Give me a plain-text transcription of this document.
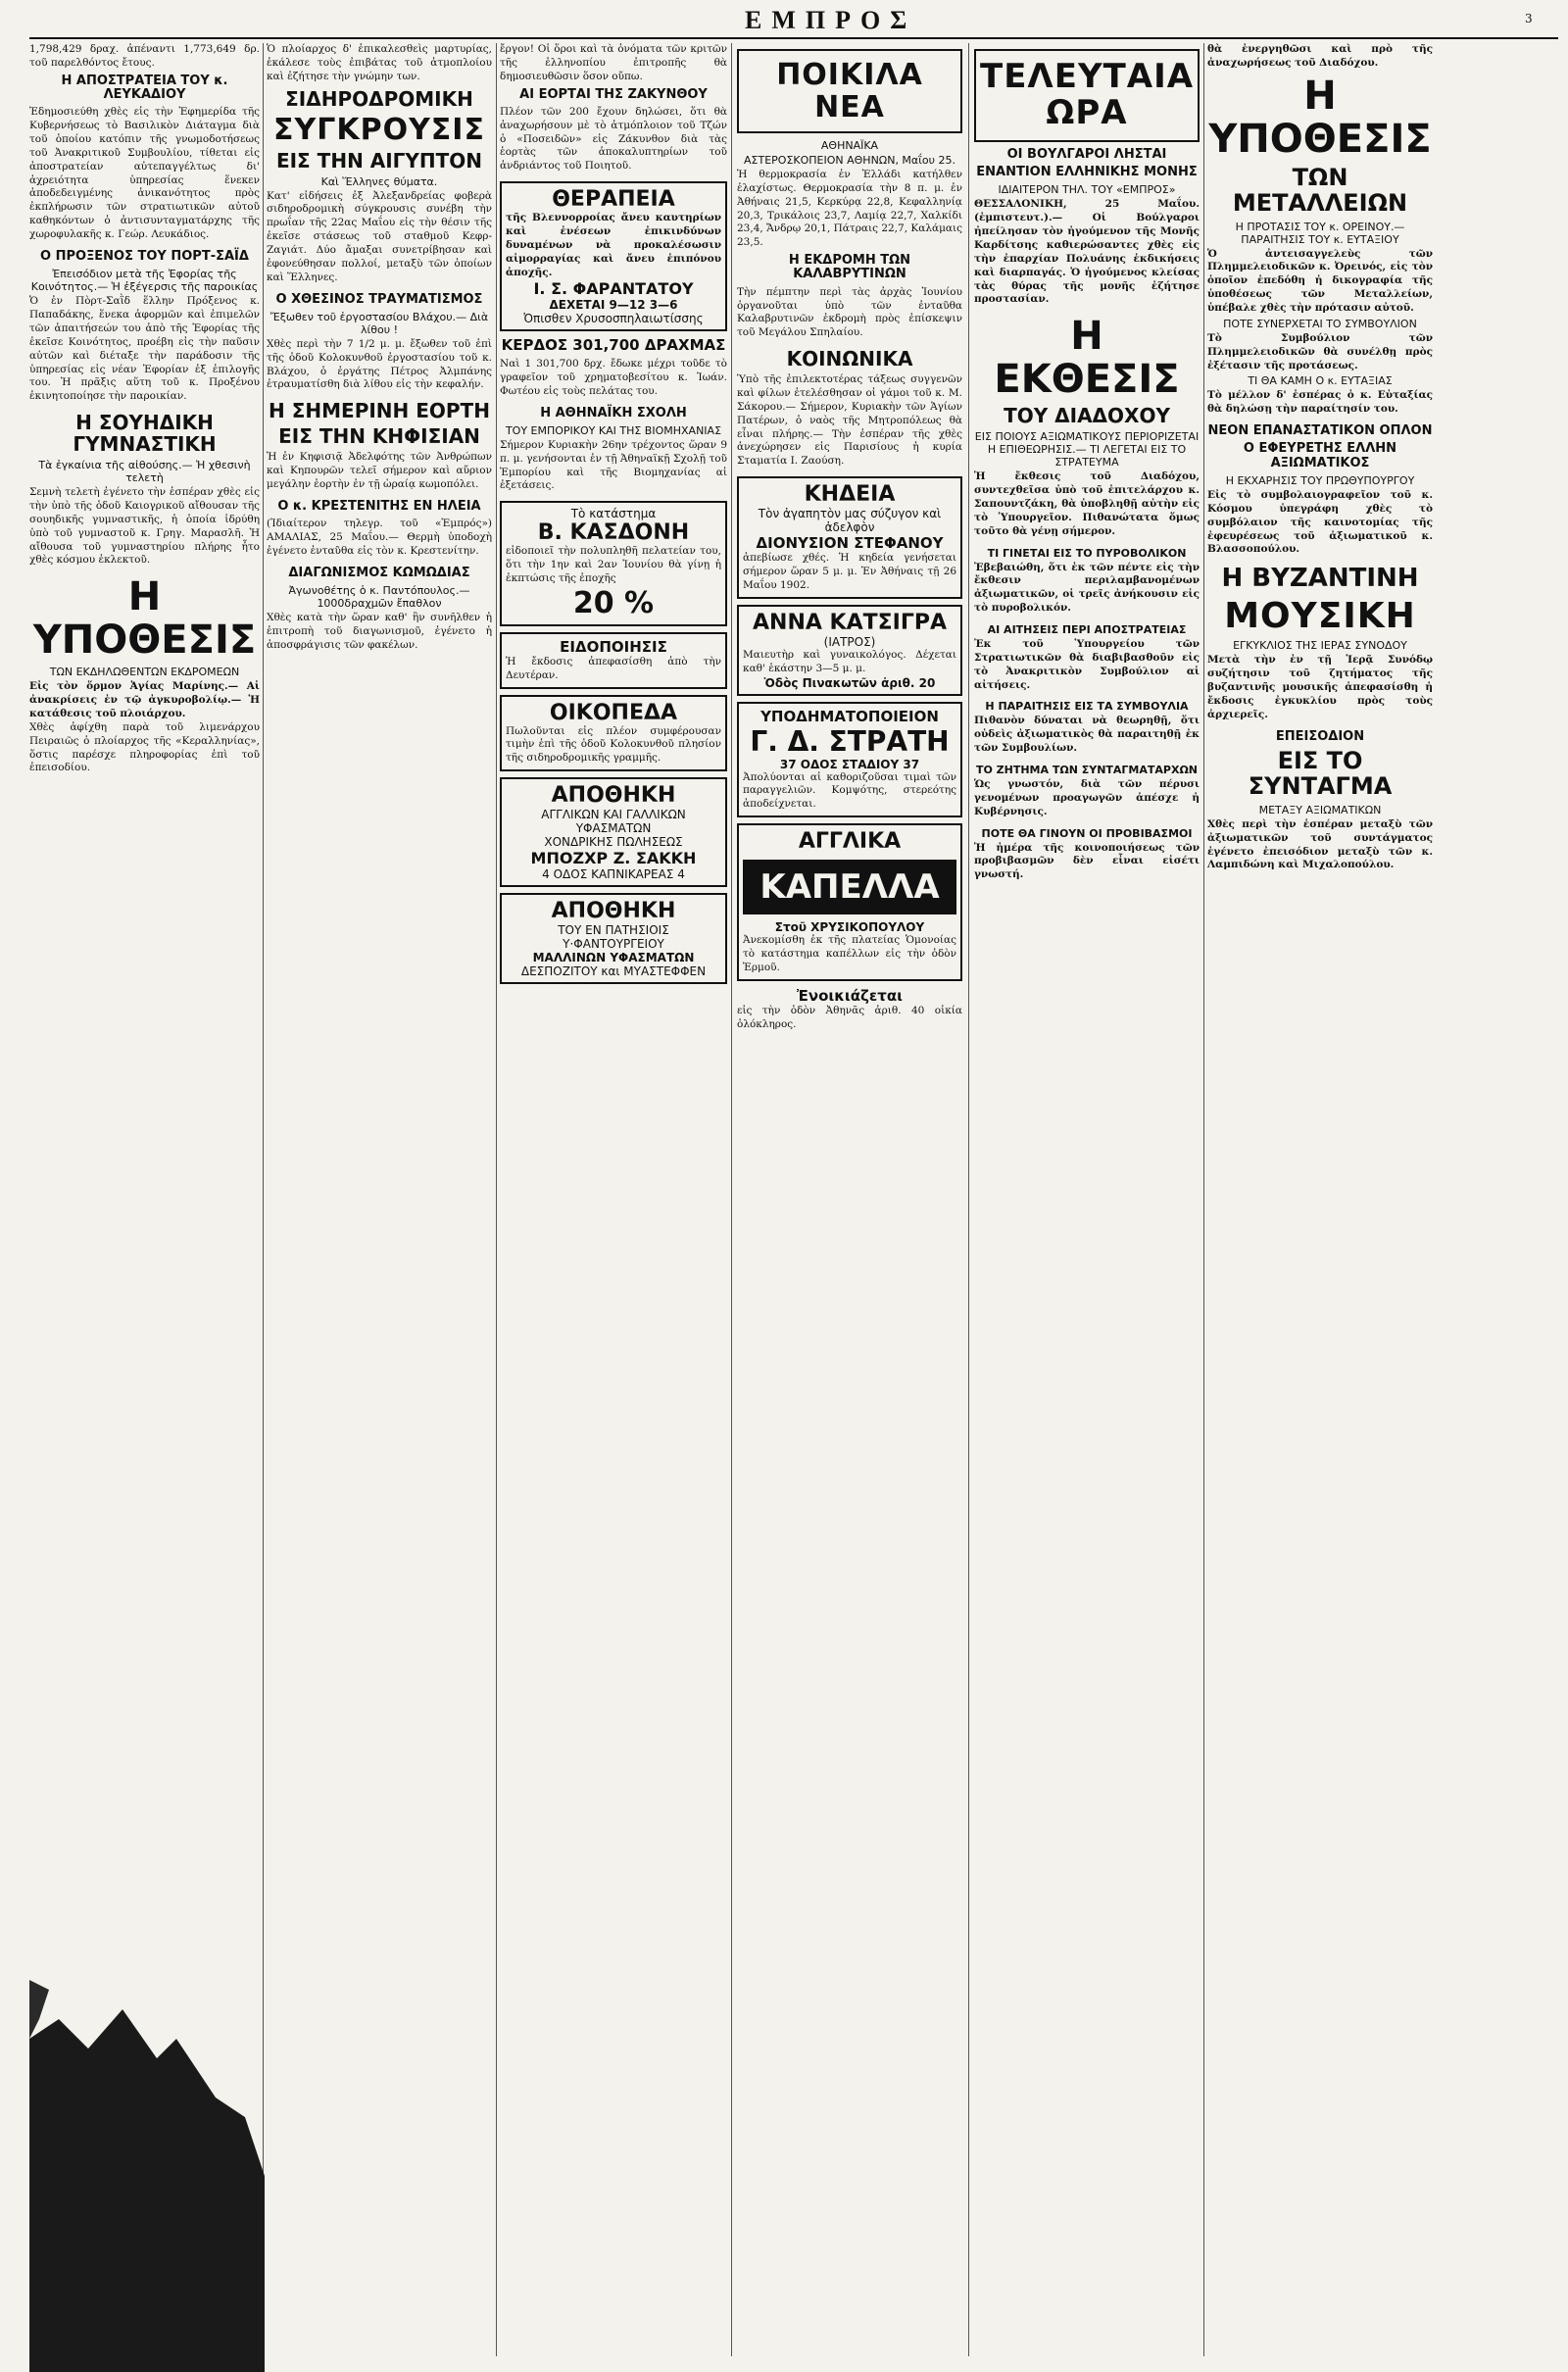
ΕΜΠΡΟΣ	3

1,798,429 δραχ. ἀπέναντι 1,773,649 δρ. τοῦ παρελθόντος ἔτους.

Η ΑΠΟΣΤΡΑΤΕΙΑ ΤΟΥ κ. ΛΕΥΚΑΔΙΟΥ

Ἐδημοσιεύθη χθὲς εἰς τὴν Ἐφημερίδα τῆς Κυβερνήσεως τὸ Βασιλικὸν Διάταγμα διὰ τοῦ ὁποίου κατόπιν τῆς γνωμοδοτήσεως τοῦ Ἀνακριτικοῦ Συμβουλίου, τίθεται εἰς ἀποστρατείαν αὐτεπαγγέλτως δι' ἀχρειότητα ὑπηρεσίας ἕνεκεν ἀποδεδειγμένης ἀνικανότητος πρὸς ἐκπλήρωσιν τῶν στρατιωτικῶν αὐτοῦ καθηκόντων ὁ ἀντισυνταγματάρχης τῆς χωροφυλακῆς κ. Γεώρ. Λευκάδιος.

Ο ΠΡΟΞΕΝΟΣ ΤΟΥ ΠΟΡΤ-ΣΑΪΔ
Ἐπεισόδιον μετὰ τῆς Ἐφορίας τῆς Κοινότητος.— Ἡ ἐξέγερσις τῆς παροικίας

Ὁ ἐν Πὸρτ-Σαῒδ ἕλλην Πρόξενος κ. Παπαδάκης, ἕνεκα ἀφορμῶν καὶ ἐπιμελῶν τῶν ἀπαιτήσεών του ἀπὸ τῆς Ἐφορίας τῆς ἐκεῖσε Κοινότητος, προέβη εἰς τὴν παῦσιν αὐτῶν καὶ διέταξε τὴν παράδοσιν τῆς ὑπηρεσίας εἰς νέαν Ἐφορίαν ἐξ ἐπιλογῆς του. Ἡ πρᾶξις αὕτη τοῦ κ. Προξένου ἐκινητοποίησε τὴν παροικίαν.

Η ΣΟΥΗΔΙΚΗ ΓΥΜΝΑΣΤΙΚΗ
Τὰ ἐγκαίνια τῆς αἰθούσης.— Ἡ χθεσινὴ τελετὴ

Σεμνὴ τελετὴ ἐγένετο τὴν ἑσπέραν χθὲς εἰς τὴν ὑπὸ τῆς ὁδοῦ Καιογρικοῦ αἴθουσαν τῆς σουηδικῆς γυμναστικῆς, ἡ ὁποία ἱδρύθη ὑπὸ τοῦ γυμναστοῦ κ. Γρηγ. Μαρασλῆ. Ἡ αἴθουσα τοῦ γυμναστηρίου πλήρης ἦτο χθὲς κόσμου ἐκλεκτοῦ.

Η ΥΠΟΘΕΣΙΣ
ΤΩΝ ΕΚΔΗΛΩΘΕΝΤΩΝ ΕΚΔΡΟΜΕΩΝ

Εἰς τὸν ὅρμον Ἁγίας Μαρίνης.— Αἱ ἀνακρίσεις ἐν τῷ ἀγκυροβολίῳ.— Ἡ κατάθεσις τοῦ πλοιάρχου.

Χθὲς ἀφίχθη παρὰ τοῦ λιμενάρχου Πειραιῶς ὁ πλοίαρχος τῆς «Κεραλληνίας», ὅστις παρέσχε πληροφορίας ἐπὶ τοῦ ἐπεισοδίου.

Ὁ πλοίαρχος δ' ἐπικαλεσθεὶς μαρτυρίας, ἐκάλεσε τοὺς ἐπιβάτας τοῦ ἀτμοπλοίου καὶ ἐζήτησε τὴν γνώμην των.

ΣΙΔΗΡΟΔΡΟΜΙΚΗ
ΣΥΓΚΡΟΥΣΙΣ
ΕΙΣ ΤΗΝ ΑΙΓΥΠΤΟΝ
Καὶ Ἕλληνες θύματα.

Κατ' εἰδήσεις ἐξ Ἀλεξανδρείας φοβερὰ σιδηροδρομικὴ σύγκρουσις συνέβη τὴν πρωΐαν τῆς 22ας Μαΐου εἰς τὴν θέσιν τῆς ἐκεῖσε στάσεως τοῦ σταθμοῦ Κεφρ-Ζαγιάτ. Δύο ἄμαξαι συνετρίβησαν καὶ ἐφονεύθησαν πολλοί, μεταξὺ τῶν ὁποίων καὶ Ἕλληνες.

Ο ΧΘΕΣΙΝΟΣ ΤΡΑΥΜΑΤΙΣΜΟΣ
Ἔξωθεν τοῦ ἐργοστασίου Βλάχου.— Διὰ λίθου !

Χθὲς περὶ τὴν 7 1/2 μ. μ. ἔξωθεν τοῦ ἐπὶ τῆς ὁδοῦ Κολοκυνθοῦ ἐργοστασίου τοῦ κ. Βλάχου, ὁ ἐργάτης Πέτρος Ἀλμπάνης ἐτραυματίσθη διὰ λίθου εἰς τὴν κεφαλήν.

Η ΣΗΜΕΡΙΝΗ ΕΟΡΤΗ
ΕΙΣ ΤΗΝ ΚΗΦΙΣΙΑΝ

Ἡ ἐν Κηφισιᾷ Ἀδελφότης τῶν Ἀνθρώπων καὶ Κηπουρῶν τελεῖ σήμερον καὶ αὔριον μεγάλην ἑορτὴν ἐν τῇ ὡραίᾳ κωμοπόλει.

Ο κ. ΚΡΕΣΤΕΝΙΤΗΣ ΕΝ ΗΛΕΙΑ

(Ἰδιαίτερον τηλεγρ. τοῦ «Ἐμπρός») ΑΜΑΛΙΑΣ, 25 Μαΐου.— Θερμὴ ὑποδοχὴ ἐγένετο ἐνταῦθα εἰς τὸν κ. Κρεστενίτην.

ΔΙΑΓΩΝΙΣΜΟΣ ΚΩΜΩΔΙΑΣ
Ἀγωνοθέτης ὁ κ. Παντόπουλος.— 1000δραχμῶν ἔπαθλον

Χθὲς κατὰ τὴν ὥραν καθ' ἣν συνῆλθεν ἡ ἐπιτροπὴ τοῦ διαγωνισμοῦ, ἐγένετο ἡ ἀποσφράγισις τῶν φακέλων.

ἔργον! Οἱ ὅροι καὶ τὰ ὀνόματα τῶν κριτῶν τῆς ἑλληνοπίου ἐπιτροπῆς θὰ δημοσιευθῶσιν ὅσον οὔπω.

ΑΙ ΕΟΡΤΑΙ ΤΗΣ ΖΑΚΥΝΘΟΥ

Πλέον τῶν 200 ἔχουν δηλώσει, ὅτι θὰ ἀναχωρήσουν μὲ τὸ ἀτμόπλοιον τοῦ Τζών ὁ «Ποσειδῶν» εἰς Ζάκυνθον διὰ τὰς ἑορτὰς τῶν ἀποκαλυπτηρίων τοῦ ἀνδριάντος τοῦ Ποιητοῦ.

ΘΕΡΑΠΕΙΑ

τῆς Βλεννορροίας ἄνευ καυτηρίων καὶ ἐνέσεων ἐπικινδύνων δυναμένων νὰ προκαλέσωσιν αἱμορραγίας καὶ ἄνευ ἐπιπόνου ἀποχῆς.

Ι. Σ. ΦΑΡΑΝΤΑΤΟΥ
ΔΕΧΕΤΑΙ 9—12 3—6
Ὀπισθεν Χρυσοσπηλαιωτίσσης
ΚΕΡΔΟΣ 301,700 ΔΡΑΧΜΑΣ

Ναὶ 1 301,700 δρχ. ἔδωκε μέχρι τοῦδε τὸ γραφεῖον τοῦ χρηματοβεσίτου κ. Ἰωάν. Φωτέου εἰς τοὺς πελάτας του.

Η ΑΘΗΝΑΪΚΗ ΣΧΟΛΗ
ΤΟΥ ΕΜΠΟΡΙΚΟΥ ΚΑΙ ΤΗΣ ΒΙΟΜΗΧΑΝΙΑΣ

Σήμερον Κυριακὴν 26ην τρέχοντος ὥραν 9 π. μ. γενήσονται ἐν τῇ Ἀθηναϊκῇ Σχολῇ τοῦ Ἐμπορίου καὶ τῆς Βιομηχανίας αἱ ἐξετάσεις.

Τὸ κατάστημα
Β. ΚΑΣΔΟΝΗ

εἰδοποιεῖ τὴν πολυπληθῆ πελατείαν του, ὅτι τὴν 1ην καὶ 2αν Ἰουνίου θὰ γίνῃ ἡ ἐκπτώσις τῆς ἐποχῆς

20 %
ΕΙΔΟΠΟΙΗΣΙΣ

Ἡ ἔκδοσις ἀπεφασίσθη ἀπὸ τὴν Δευτέραν.

ΟΙΚΟΠΕΔΑ

Πωλοῦνται εἰς πλέον συμφέρουσαν τιμὴν ἐπὶ τῆς ὁδοῦ Κολοκυνθοῦ πλησίον τῆς σιδηροδρομικῆς γραμμῆς.

ΑΠΟΘΗΚΗ
ΑΓΓΛΙΚΩΝ ΚΑΙ ΓΑΛΛΙΚΩΝ ΥΦΑΣΜΑΤΩΝ
ΧΟΝΔΡΙΚΗΣ ΠΩΛΗΣΕΩΣ
ΜΠΟΖΧΡ Ζ. ΣΑΚΚΗ
4 ΟΔΟΣ ΚΑΠΝΙΚΑΡΕΑΣ 4
ΑΠΟΘΗΚΗ
ΤΟΥ ΕΝ ΠΑΤΗΣΙΟΙΣ Υ·ΦΑΝΤΟΥΡΓΕΙΟΥ
ΜΑΛΛΙΝΩΝ ΥΦΑΣΜΑΤΩΝ
ΔΕΣΠΟΖΙΤΟΥ και ΜΥΑΣΤΕΦΦΕΝ
ΠΟΙΚΙΛΑ ΝΕΑ
ΑΘΗΝΑΪΚΑ
ΑΣΤΕΡΟΣΚΟΠΕΙΟΝ ΑΘΗΝΩΝ, Μαΐου 25.

Ἡ θερμοκρασία ἐν Ἑλλάδι κατήλθεν ἐλαχίστως. Θερμοκρασία τὴν 8 π. μ. ἐν Ἀθήναις 21,5, Κερκύρᾳ 22,8, Κεφαλληνίᾳ 20,3, Τρικάλοις 23,7, Λαμίᾳ 22,7, Χαλκίδι 23,4, Ἄνδρῳ 20,1, Πάτραις 22,7, Καλάμαις 23,5.

Η ΕΚΔΡΟΜΗ ΤΩΝ ΚΑΛΑΒΡΥΤΙΝΩΝ

Τὴν πέμπτην περὶ τὰς ἀρχὰς Ἰουνίου ὀργανοῦται ὑπὸ τῶν ἐνταῦθα Καλαβρυτινῶν ἐκδρομὴ πρὸς ἐπίσκεψιν τοῦ Μεγάλου Σπηλαίου.

ΚΟΙΝΩΝΙΚΑ

Ὑπὸ τῆς ἐπιλεκτοτέρας τάξεως συγγενῶν καὶ φίλων ἐτελέσθησαν οἱ γάμοι τοῦ κ. Μ. Σάκορου.— Σήμερον, Κυριακὴν τῶν Ἁγίων Πατέρων, ὁ ναὸς τῆς Μητροπόλεως θὰ εἶναι πλήρης.— Τὴν ἐσπέραν τῆς χθὲς ἀνεχώρησεν εἰς Παρισίους ἡ κυρία Σταματία Ι. Ζαούση.

ΚΗΔΕΙΑ
Τὸν ἀγαπητὸν μας σύζυγον καὶ ἀδελφὸν
ΔΙΟΝΥΣΙΟΝ ΣΤΕΦΑΝΟΥ

ἀπεβίωσε χθές. Ἡ κηδεία γενήσεται σήμερον ὥραν 5 μ. μ. Ἐν Ἀθήναις τῇ 26 Μαΐου 1902.

ΑΝΝΑ ΚΑΤΣΙΓΡΑ
(ΙΑΤΡΟΣ)

Μαιευτὴρ καὶ γυναικολόγος. Δέχεται καθ' ἑκάστην 3—5 μ. μ.

Ὁδὸς Πινακωτῶν ἀριθ. 20
ΥΠΟΔΗΜΑΤΟΠΟΙΕΙΟΝ
Γ. Δ. ΣΤΡΑΤΗ
37 ΟΔΟΣ ΣΤΑΔΙΟΥ 37

Ἀπολύονται αἱ καθοριζοῦσαι τιμαὶ τῶν παραγγελιῶν. Κομψότης, στερεότης ἀποδείχνεται.

ΑΓΓΛΙΚΑ
ΚΑΠΕΛΛΑ
Στοῦ ΧΡΥΣΙΚΟΠΟΥΛΟΥ

Ἀνεκομίσθη ἐκ τῆς πλατείας Ὁμονοίας τὸ κατάστημα καπέλλων εἰς τὴν ὁδὸν Ἑρμοῦ.

Ἐνοικιάζεται

εἰς τὴν ὁδὸν Ἀθηνᾶς ἀριθ. 40 οἰκία ὁλόκληρος.

ΤΕΛΕΥΤΑΙΑ ΩΡΑ
ΟΙ ΒΟΥΛΓΑΡΟΙ ΛΗΣΤΑΙ
ΕΝΑΝΤΙΟΝ ΕΛΛΗΝΙΚΗΣ ΜΟΝΗΣ
ΙΔΙΑΙΤΕΡΟΝ ΤΗΛ. ΤΟΥ «ΕΜΠΡΟΣ»

ΘΕΣΣΑΛΟΝΙΚΗ, 25 Μαΐου. (ἐμπιστευτ.).— Οἱ Βούλγαροι ἠπείλησαν τὸν ἡγούμενον τῆς Μονῆς Καρδίτσης καθιερώσαντες χθὲς εἰς τὴν ἐπαρχίαν Πολυάνης ἐκδικήσεις καὶ διαρπαγάς. Ὁ ἡγούμενος κλείσας τὰς θύρας τῆς μονῆς ἐζήτησε προστασίαν.

Η ΕΚΘΕΣΙΣ
ΤΟΥ ΔΙΑΔΟΧΟΥ
ΕΙΣ ΠΟΙΟΥΣ ΑΞΙΩΜΑΤΙΚΟΥΣ ΠΕΡΙΟΡΙΖΕΤΑΙ Η ΕΠΙΘΕΩΡΗΣΙΣ.— ΤΙ ΛΕΓΕΤΑΙ ΕΙΣ ΤΟ ΣΤΡΑΤΕΥΜΑ

Ἡ ἔκθεσις τοῦ Διαδόχου, συντεχθεῖσα ὑπὸ τοῦ ἐπιτελάρχου κ. Σαπουντζάκη, θὰ ὑποβληθῇ αὐτὴν εἰς τὸ Ὑπουργεῖον. Πιθανώτατα ὅμως τοῦτο θὰ γένῃ σήμερον.

ΤΙ ΓΙΝΕΤΑΙ ΕΙΣ ΤΟ ΠΥΡΟΒΟΛΙΚΟΝ

Ἐβεβαιώθη, ὅτι ἐκ τῶν πέντε εἰς τὴν ἔκθεσιν περιλαμβανομένων ἀξιωματικῶν, οἱ τρεῖς ἀνήκουσιν εἰς τὸ πυροβολικόν.

ΑΙ ΑΙΤΗΣΕΙΣ ΠΕΡΙ ΑΠΟΣΤΡΑΤΕΙΑΣ

Ἐκ τοῦ Ὑπουργείου τῶν Στρατιωτικῶν θὰ διαβιβασθοῦν εἰς τὸ Ἀνακριτικὸν Συμβούλιον αἱ αἰτήσεις.

Η ΠΑΡΑΙΤΗΣΙΣ ΕΙΣ ΤΑ ΣΥΜΒΟΥΛΙΑ

Πιθανὸν δύναται νὰ θεωρηθῇ, ὅτι οὐδεὶς ἀξιωματικὸς θὰ παραιτηθῇ ἐκ τῶν Συμβουλίων.

ΤΟ ΖΗΤΗΜΑ ΤΩΝ ΣΥΝΤΑΓΜΑΤΑΡΧΩΝ

Ὡς γνωστόν, διὰ τῶν πέρυσι γενομένων προαγωγῶν ἀπέσχε ἡ Κυβέρνησις.

ΠΟΤΕ ΘΑ ΓΙΝΟΥΝ ΟΙ ΠΡΟΒΙΒΑΣΜΟΙ

Ἡ ἡμέρα τῆς κοινοποιήσεως τῶν προβιβασμῶν δὲν εἶναι εἰσέτι γνωστή.

θὰ ἐνεργηθῶσι καὶ πρὸ τῆς ἀναχωρήσεως τοῦ Διαδόχου.

Η ΥΠΟΘΕΣΙΣ
ΤΩΝ ΜΕΤΑΛΛΕΙΩΝ
Η ΠΡΟΤΑΣΙΣ ΤΟΥ κ. ΟΡΕΙΝΟΥ.— ΠΑΡΑΙΤΗΣΙΣ ΤΟΥ κ. ΕΥΤΑΞΙΟΥ

Ὁ ἀντεισαγγελεὺς τῶν Πλημμελειοδικῶν κ. Ὀρεινός, εἰς τὸν ὁποῖον ἐπεδόθη ἡ δικογραφία τῆς ὑποθέσεως τῶν Μεταλλείων, ὑπέβαλε χθὲς τὴν πρότασιν αὐτοῦ.

ΠΟΤΕ ΣΥΝΕΡΧΕΤΑΙ ΤΟ ΣΥΜΒΟΥΛΙΟΝ

Τὸ Συμβούλιον τῶν Πλημμελειοδικῶν θὰ συνέλθῃ πρὸς ἐξέτασιν τῆς προτάσεως.

ΤΙ ΘΑ ΚΑΜΗ Ο κ. ΕΥΤΑΞΙΑΣ

Τὸ μέλλον δ' ἐσπέρας ὁ κ. Εὐταξίας θὰ δηλώσῃ τὴν παραίτησίν του.

ΝΕΟΝ ΕΠΑΝΑΣΤΑΤΙΚΟΝ ΟΠΛΟΝ
Ο ΕΦΕΥΡΕΤΗΣ ΕΛΛΗΝ ΑΞΙΩΜΑΤΙΚΟΣ
Η ΕΚΧΑΡΗΣΙΣ ΤΟΥ ΠΡΩΘΥΠΟΥΡΓΟΥ

Εἰς τὸ συμβολαιογραφεῖον τοῦ κ. Κόσμου ὑπεγράφη χθὲς τὸ συμβόλαιον τῆς καινοτομίας τῆς ἐφευρέσεως τοῦ ἀξιωματικοῦ κ. Βλασσοπούλου.

Η ΒΥΖΑΝΤΙΝΗ
ΜΟΥΣΙΚΗ
ΕΓΚΥΚΛΙΟΣ ΤΗΣ ΙΕΡΑΣ ΣΥΝΟΔΟΥ

Μετὰ τὴν ἐν τῇ Ἱερᾷ Συνόδῳ συζήτησιν τοῦ ζητήματος τῆς βυζαντινῆς μουσικῆς ἀπεφασίσθη ἡ ἔκδοσις ἐγκυκλίου πρὸς τοὺς ἀρχιερεῖς.

ΕΠΕΙΣΟΔΙΟΝ
ΕΙΣ ΤΟ ΣΥΝΤΑΓΜΑ
ΜΕΤΑΞΥ ΑΞΙΩΜΑΤΙΚΩΝ

Χθὲς περὶ τὴν ἑσπέραν μεταξὺ τῶν ἀξιωματικῶν τοῦ συντάγματος ἐγένετο ἐπεισόδιον μεταξὺ τῶν κ. Λαμπιδώνη καὶ Μιχαλοπούλου.
